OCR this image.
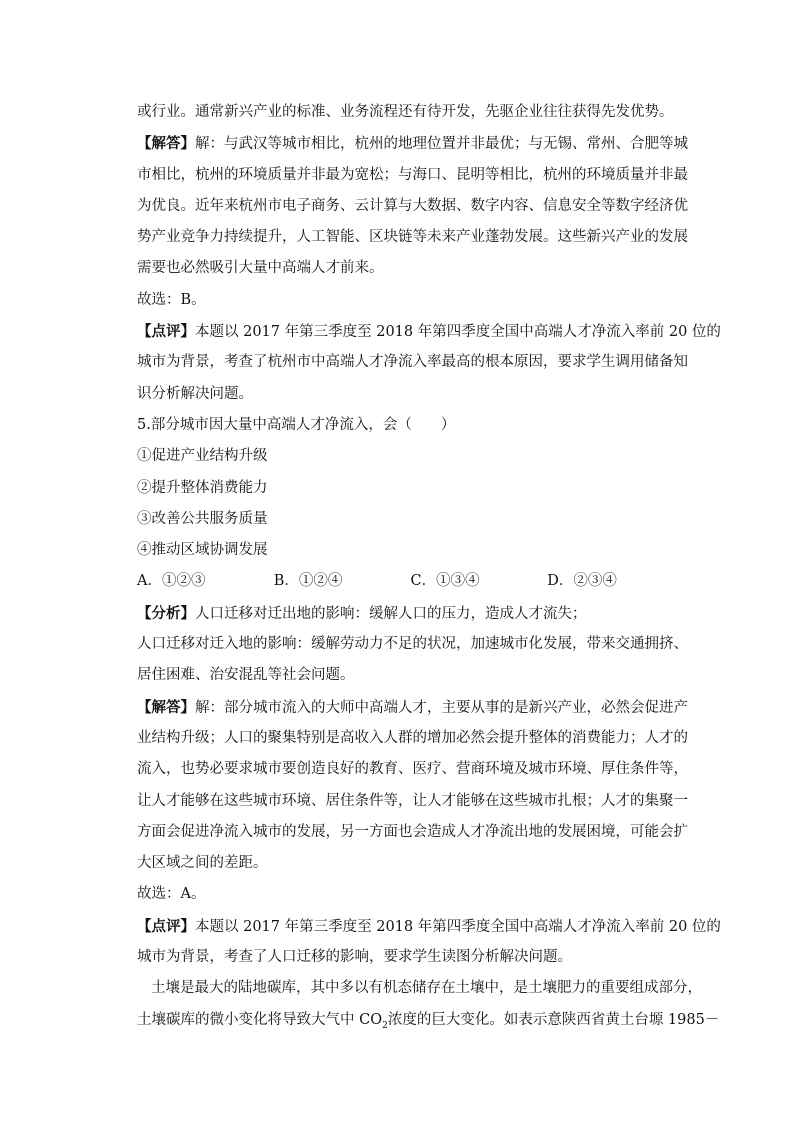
或行业。通常新兴产业的标准、业务流程还有待开发，先驱企业往往获得先发优势。
【解答】解：与武汉等城市相比，杭州的地理位置并非最优；与无锡、常州、合肥等城
市相比，杭州的环境质量并非最为宽松；与海口、昆明等相比，杭州的环境质量并非最
为优良。近年来杭州市电子商务、云计算与大数据、数字内容、信息安全等数字经济优
势产业竞争力持续提升，人工智能、区块链等未来产业蓬勃发展。这些新兴产业的发展
需要也必然吸引大量中高端人才前来。
故选：B。
【点评】本题以 2017 年第三季度至 2018 年第四季度全国中高端人才净流入率前 20 位的
城市为背景，考查了杭州市中高端人才净流入率最高的根本原因，要求学生调用储备知
识分析解决问题。
5.部分城市因大量中高端人才净流入，会（　　）
①促进产业结构升级
②提升整体消费能力
③改善公共服务质量
④推动区域协调发展
A．①②③	B．①②④	C．①③④	D．②③④
【分析】人口迁移对迁出地的影响：缓解人口的压力，造成人才流失；
人口迁移对迁入地的影响：缓解劳动力不足的状况，加速城市化发展，带来交通拥挤、
居住困难、治安混乱等社会问题。
【解答】解：部分城市流入的大师中高端人才，主要从事的是新兴产业，必然会促进产
业结构升级；人口的聚集特别是高收入人群的增加必然会提升整体的消费能力；人才的
流入，也势必要求城市要创造良好的教育、医疗、营商环境及城市环境、厚住条件等，
让人才能够在这些城市环境、居住条件等，让人才能够在这些城市扎根；人才的集聚一
方面会促进净流入城市的发展，另一方面也会造成人才净流出地的发展困境，可能会扩
大区域之间的差距。
故选：A。
【点评】本题以 2017 年第三季度至 2018 年第四季度全国中高端人才净流入率前 20 位的
城市为背景，考查了人口迁移的影响，要求学生读图分析解决问题。
土壤是最大的陆地碳库，其中多以有机态储存在土壤中，是土壤肥力的重要组成部分，
土壤碳库的微小变化将导致大气中 $CO_2$浓度的巨大变化。如表示意陕西省黄土台塬 1985－
